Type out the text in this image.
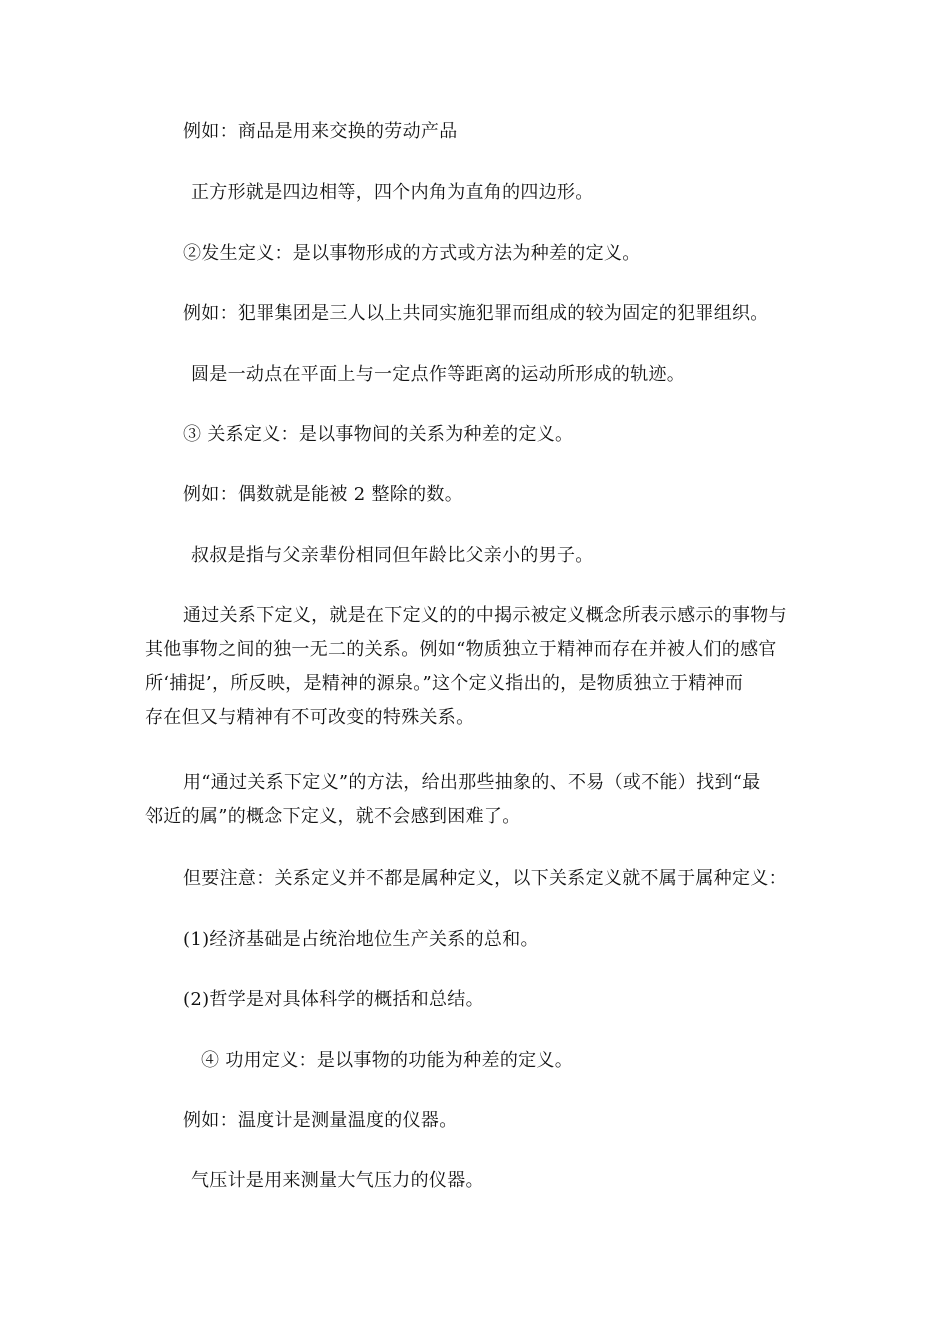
例如：商品是用来交换的劳动产品
正方形就是四边相等，四个内角为直角的四边形。
②发生定义：是以事物形成的方式或方法为种差的定义。
例如：犯罪集团是三人以上共同实施犯罪而组成的较为固定的犯罪组织。
圆是一动点在平面上与一定点作等距离的运动所形成的轨迹。
③ 关系定义：是以事物间的关系为种差的定义。
例如：偶数就是能被 2 整除的数。
叔叔是指与父亲辈份相同但年龄比父亲小的男子。
通过关系下定义，就是在下定义的的中揭示被定义概念所表示感示的事物与
其他事物之间的独一无二的关系。例如“物质独立于精神而存在并被人们的感官
所‘捕捉’，所反映，是精神的源泉。”这个定义指出的，是物质独立于精神而
存在但又与精神有不可改变的特殊关系。
用“通过关系下定义”的方法，给出那些抽象的、不易（或不能）找到“最
邻近的属”的概念下定义，就不会感到困难了。
但要注意：关系定义并不都是属种定义，以下关系定义就不属于属种定义：
(1)经济基础是占统治地位生产关系的总和。
(2)哲学是对具体科学的概括和总结。
④ 功用定义：是以事物的功能为种差的定义。
例如：温度计是测量温度的仪器。
气压计是用来测量大气压力的仪器。
